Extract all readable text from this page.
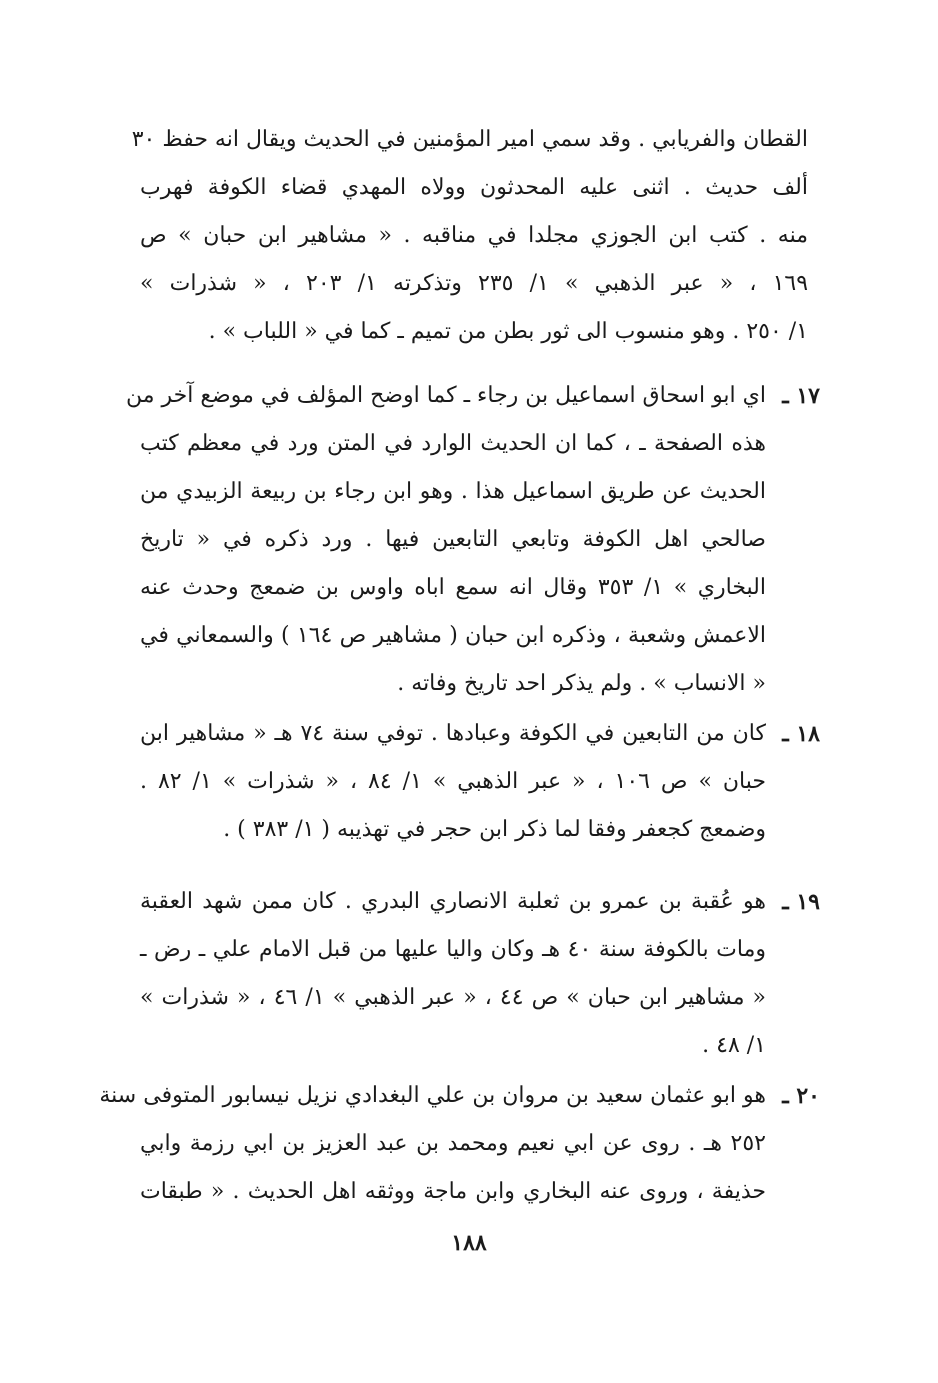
القطان والفريابي . وقد سمي امير المؤمنين في الحديث ويقال انه حفظ ٣٠
ألف حديث . اثنى عليه المحدثون وولاه المهدي قضاء الكوفة فهرب
منه . كتب ابن الجوزي مجلدا في مناقبه . « مشاهير ابن حبان » ص
١٦٩ ، « عبر الذهبي » ١/ ٢٣٥ وتذكرته ١/ ٢٠٣ ، « شذرات »
١/ ٢٥٠ . وهو منسوب الى ثور بطن من تميم ـ كما في « اللباب » .
١٧ ـ
اي ابو اسحاق اسماعيل بن رجاء ـ كما اوضح المؤلف في موضع آخر من
هذه الصفحة ـ ، كما ان الحديث الوارد في المتن ورد في معظم كتب
الحديث عن طريق اسماعيل هذا . وهو ابن رجاء بن ربيعة الزبيدي من
صالحي اهل الكوفة وتابعي التابعين فيها . ورد ذكره في « تاريخ
البخاري » ١/ ٣٥٣ وقال انه سمع اباه واوس بن ضمعج وحدث عنه
الاعمش وشعبة ، وذكره ابن حبان ( مشاهير ص ١٦٤ ) والسمعاني في
« الانساب » . ولم يذكر احد تاريخ وفاته .
١٨ ـ
كان من التابعين في الكوفة وعبادها . توفي سنة ٧٤ هـ « مشاهير ابن
حبان » ص ١٠٦ ، « عبر الذهبي » ١/ ٨٤ ، « شذرات » ١/ ٨٢ .
وضمعج كجعفر وفقا لما ذكر ابن حجر في تهذيبه ( ١/ ٣٨٣ ) .
١٩ ـ
هو عُقبة بن عمرو بن ثعلبة الانصاري البدري . كان ممن شهد العقبة
ومات بالكوفة سنة ٤٠ هـ وكان واليا عليها من قبل الامام علي ـ رض ـ
« مشاهير ابن حبان » ص ٤٤ ، « عبر الذهبي » ١/ ٤٦ ، « شذرات »
١/ ٤٨ .
٢٠ ـ
هو ابو عثمان سعيد بن مروان بن علي البغدادي نزيل نيسابور المتوفى سنة
٢٥٢ هـ . روى عن ابي نعيم ومحمد بن عبد العزيز بن ابي رزمة وابي
حذيفة ، وروى عنه البخاري وابن ماجة ووثقه اهل الحديث . « طبقات
١٨٨
